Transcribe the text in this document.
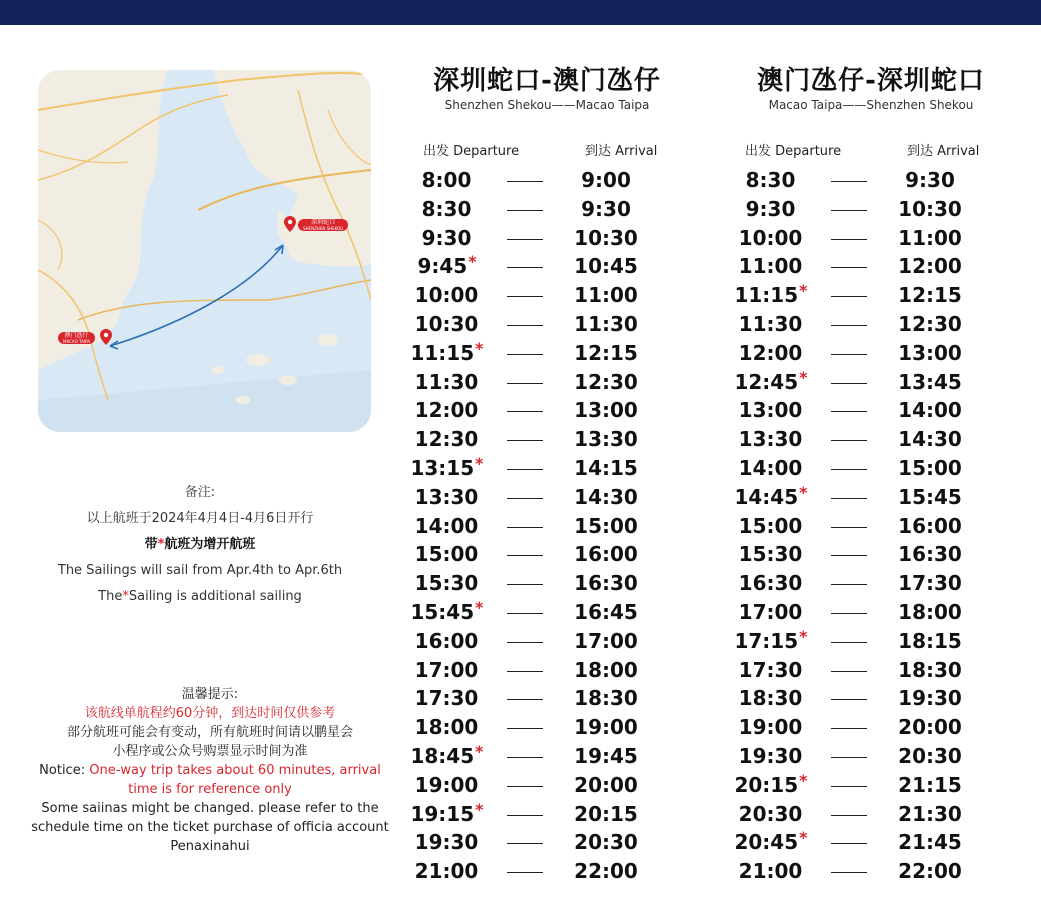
深圳蛇口
SHENZHEN SHEKOU
澳门氹仔
MACAO TAIPA
备注:
以上航班于2024年4月4日-4月6日开行
带*航班为增开航班
The Sailings will sail from Apr.4th to Apr.6th
The*Sailing is additional sailing
温馨提示:
该航线单航程约60分钟，到达时间仅供参考
部分航班可能会有变动，所有航班时间请以鹏星会
小程序或公众号购票显示时间为准
Notice: One-way trip takes about 60 minutes, arrival
time is for reference only
Some saiinas might be changed. please refer to the
schedule time on the ticket purchase of officia account
Penaxinahui
深圳蛇口-澳门氹仔
Shenzhen Shekou——Macao Taipa
出发 Departure	到达 Arrival
8:00	9:00
8:30	9:30
9:30	10:30
9:45*	10:45
10:00	11:00
10:30	11:30
11:15*	12:15
11:30	12:30
12:00	13:00
12:30	13:30
13:15*	14:15
13:30	14:30
14:00	15:00
15:00	16:00
15:30	16:30
15:45*	16:45
16:00	17:00
17:00	18:00
17:30	18:30
18:00	19:00
18:45*	19:45
19:00	20:00
19:15*	20:15
19:30	20:30
21:00	22:00
澳门氹仔-深圳蛇口
Macao Taipa——Shenzhen Shekou
出发 Departure	到达 Arrival
8:30	9:30
9:30	10:30
10:00	11:00
11:00	12:00
11:15*	12:15
11:30	12:30
12:00	13:00
12:45*	13:45
13:00	14:00
13:30	14:30
14:00	15:00
14:45*	15:45
15:00	16:00
15:30	16:30
16:30	17:30
17:00	18:00
17:15*	18:15
17:30	18:30
18:30	19:30
19:00	20:00
19:30	20:30
20:15*	21:15
20:30	21:30
20:45*	21:45
21:00	22:00
